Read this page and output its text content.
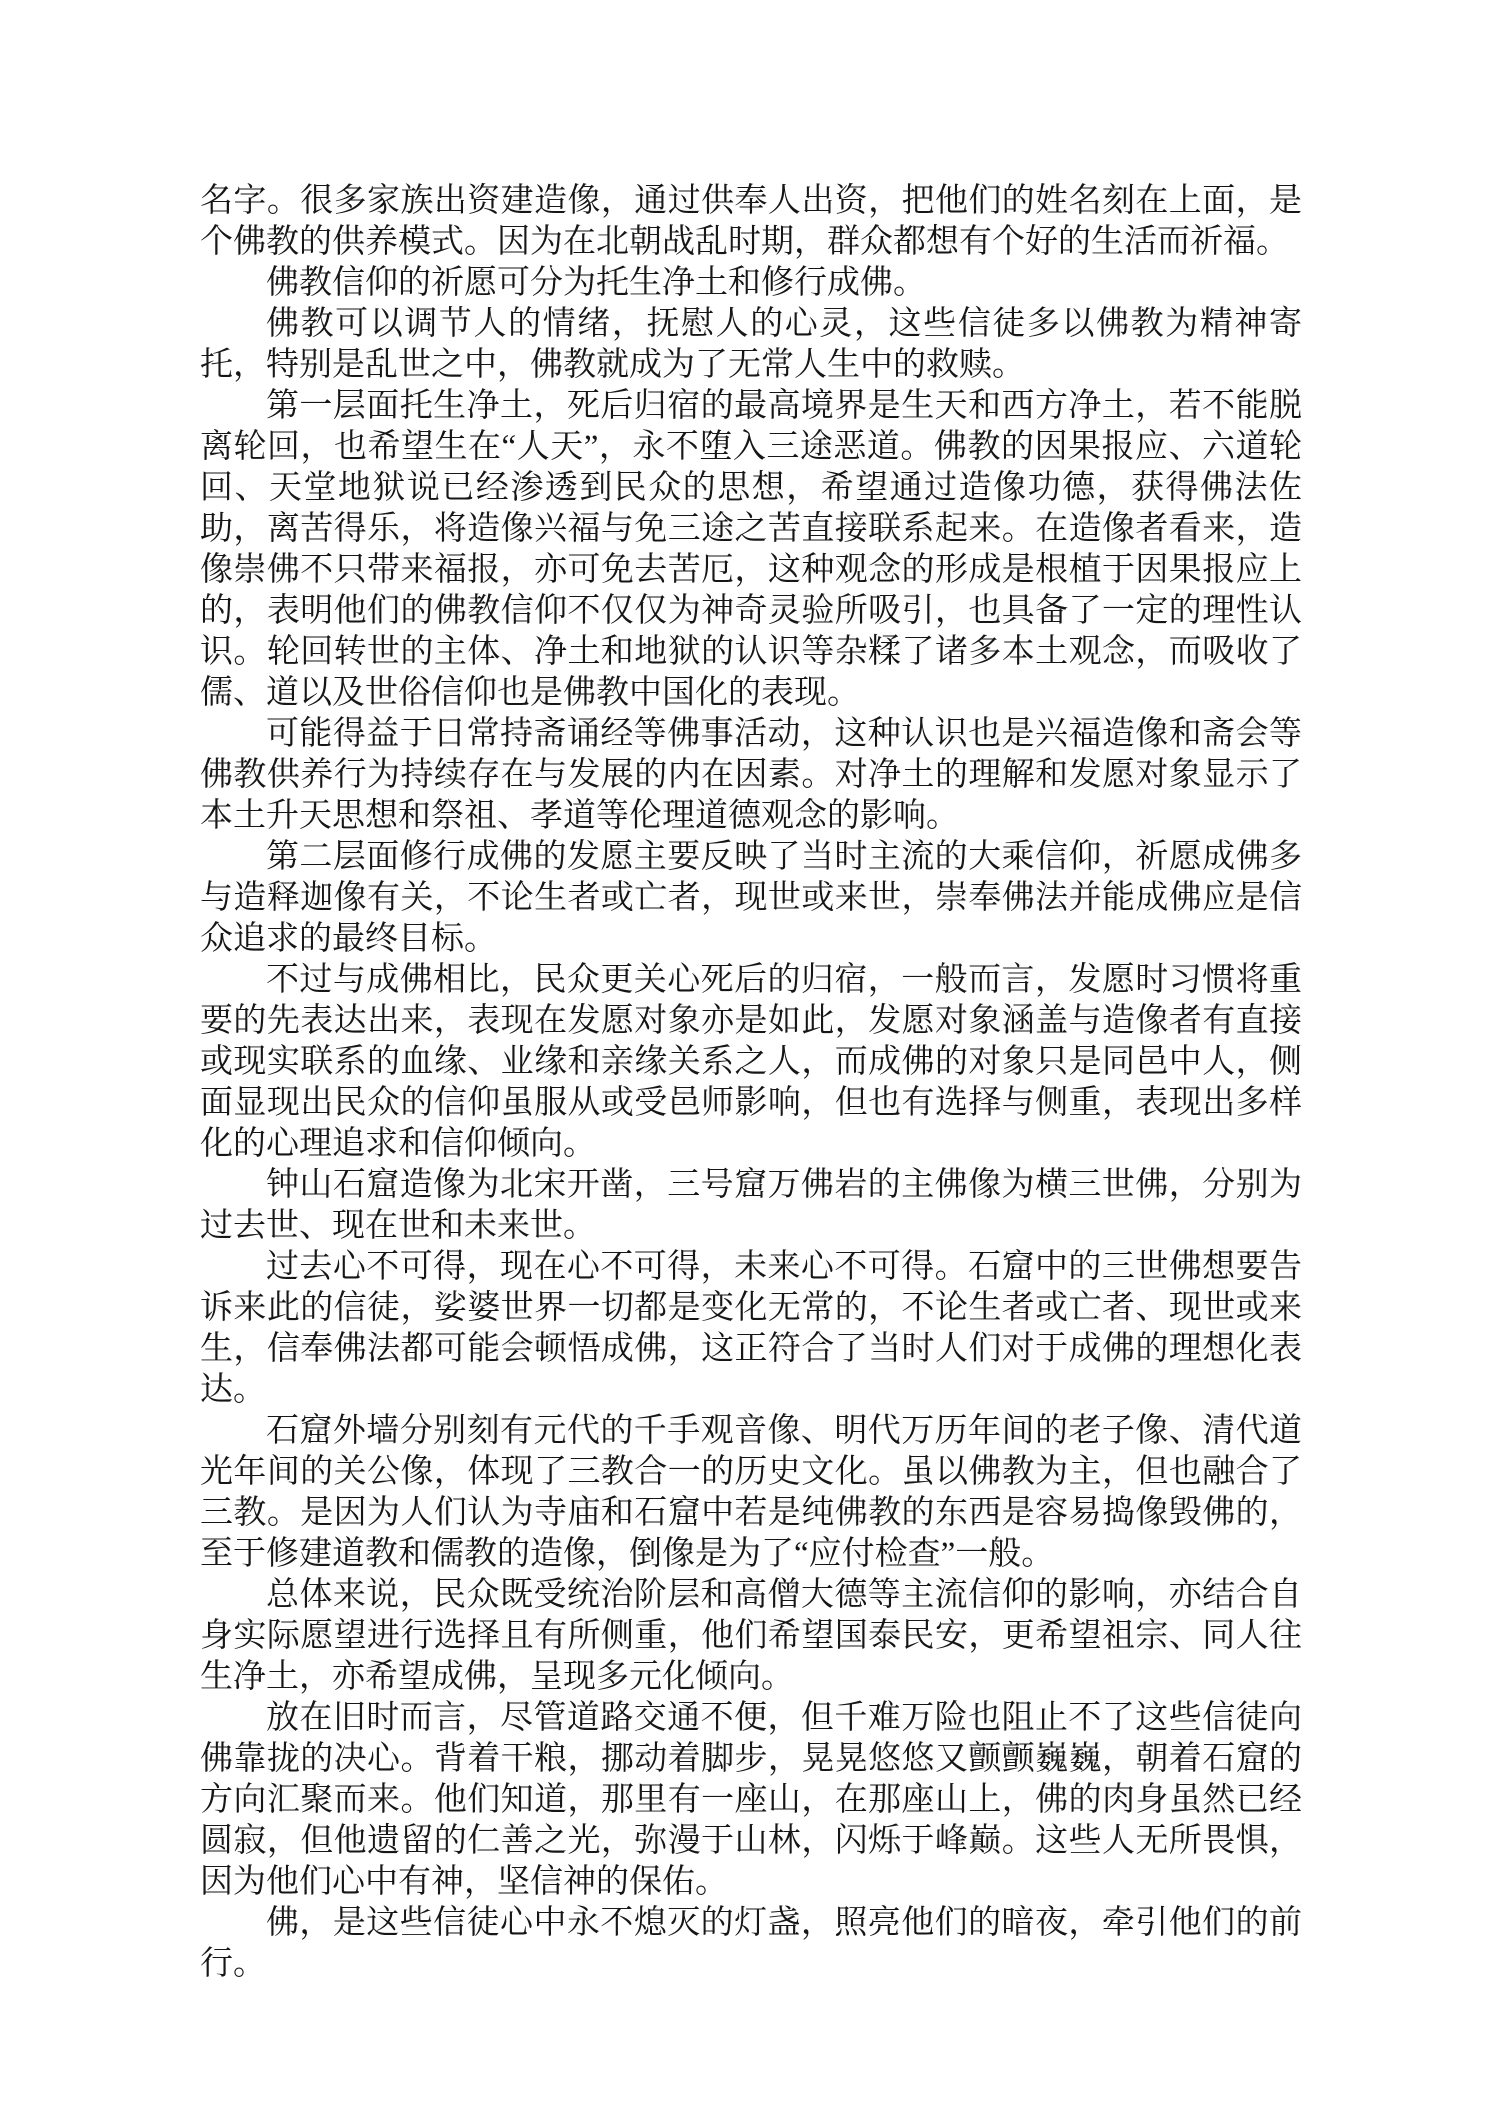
名字。很多家族出资建造像，通过供奉人出资，把他们的姓名刻在上面，是个佛教的供养模式。因为在北朝战乱时期，群众都想有个好的生活而祈福。

佛教信仰的祈愿可分为托生净土和修行成佛。

佛教可以调节人的情绪，抚慰人的心灵，这些信徒多以佛教为精神寄托，特别是乱世之中，佛教就成为了无常人生中的救赎。

第一层面托生净土，死后归宿的最高境界是生天和西方净土，若不能脱离轮回，也希望生在“人天”，永不堕入三途恶道。佛教的因果报应、六道轮回、天堂地狱说已经渗透到民众的思想，希望通过造像功德，获得佛法佐助，离苦得乐，将造像兴福与免三途之苦直接联系起来。在造像者看来，造像崇佛不只带来福报，亦可免去苦厄，这种观念的形成是根植于因果报应上的，表明他们的佛教信仰不仅仅为神奇灵验所吸引，也具备了一定的理性认识。轮回转世的主体、净土和地狱的认识等杂糅了诸多本土观念，而吸收了儒、道以及世俗信仰也是佛教中国化的表现。

可能得益于日常持斋诵经等佛事活动，这种认识也是兴福造像和斋会等佛教供养行为持续存在与发展的内在因素。对净土的理解和发愿对象显示了本土升天思想和祭祖、孝道等伦理道德观念的影响。

第二层面修行成佛的发愿主要反映了当时主流的大乘信仰，祈愿成佛多与造释迦像有关，不论生者或亡者，现世或来世，崇奉佛法并能成佛应是信众追求的最终目标。

不过与成佛相比，民众更关心死后的归宿，一般而言，发愿时习惯将重要的先表达出来，表现在发愿对象亦是如此，发愿对象涵盖与造像者有直接或现实联系的血缘、业缘和亲缘关系之人，而成佛的对象只是同邑中人，侧面显现出民众的信仰虽服从或受邑师影响，但也有选择与侧重，表现出多样化的心理追求和信仰倾向。

钟山石窟造像为北宋开凿，三号窟万佛岩的主佛像为横三世佛，分别为过去世、现在世和未来世。

过去心不可得，现在心不可得，未来心不可得。石窟中的三世佛想要告诉来此的信徒，娑婆世界一切都是变化无常的，不论生者或亡者、现世或来生，信奉佛法都可能会顿悟成佛，这正符合了当时人们对于成佛的理想化表达。

石窟外墙分别刻有元代的千手观音像、明代万历年间的老子像、清代道光年间的关公像，体现了三教合一的历史文化。虽以佛教为主，但也融合了三教。是因为人们认为寺庙和石窟中若是纯佛教的东西是容易捣像毁佛的，至于修建道教和儒教的造像，倒像是为了“应付检查”一般。

总体来说，民众既受统治阶层和高僧大德等主流信仰的影响，亦结合自身实际愿望进行选择且有所侧重，他们希望国泰民安，更希望祖宗、同人往生净土，亦希望成佛，呈现多元化倾向。

放在旧时而言，尽管道路交通不便，但千难万险也阻止不了这些信徒向佛靠拢的决心。背着干粮，挪动着脚步，晃晃悠悠又颤颤巍巍，朝着石窟的方向汇聚而来。他们知道，那里有一座山，在那座山上，佛的肉身虽然已经圆寂，但他遗留的仁善之光，弥漫于山林，闪烁于峰巅。这些人无所畏惧，因为他们心中有神，坚信神的保佑。

佛，是这些信徒心中永不熄灭的灯盏，照亮他们的暗夜，牵引他们的前行。
